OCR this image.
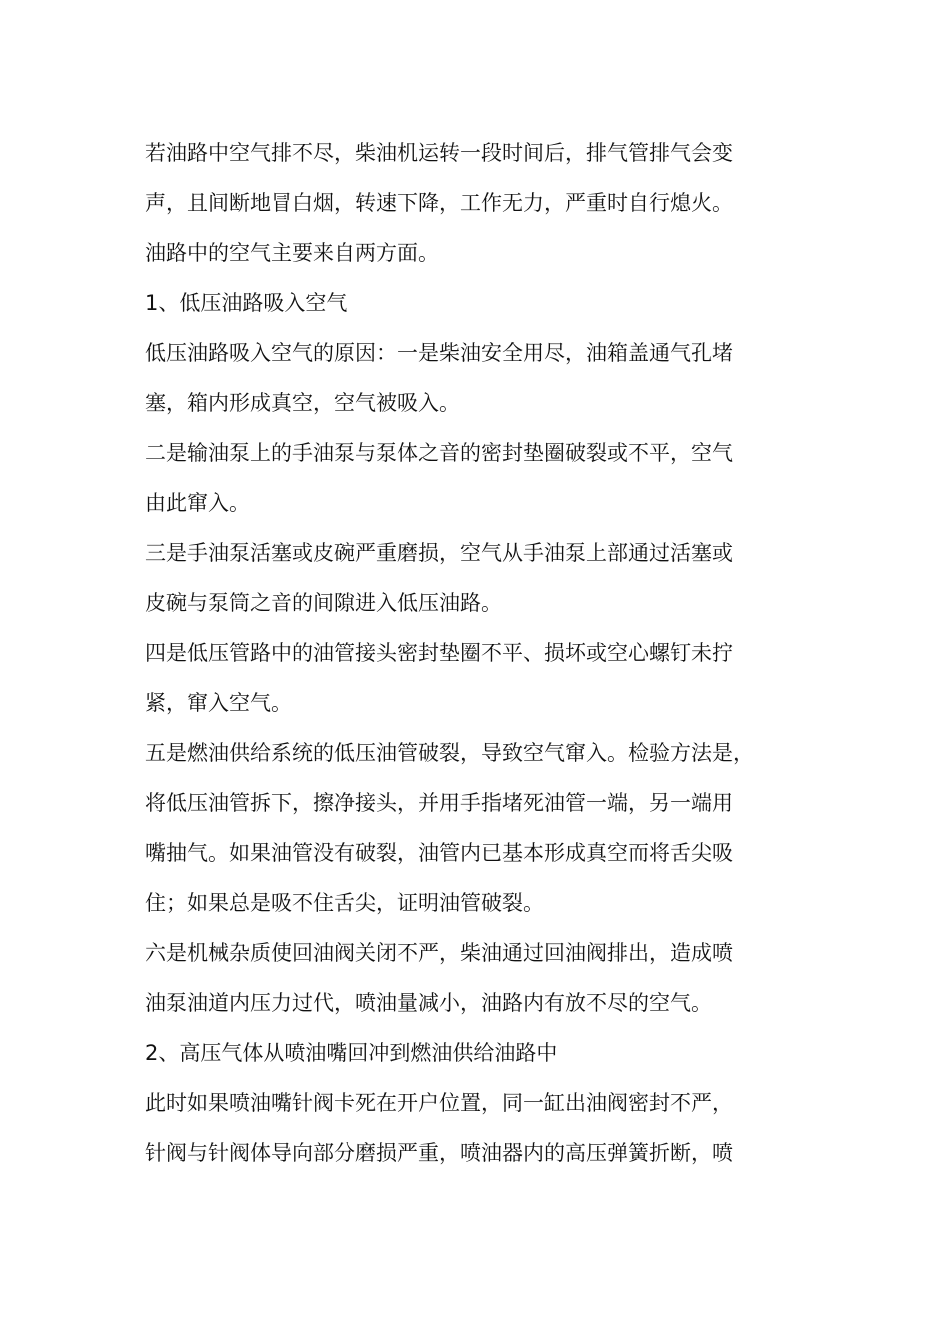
若油路中空气排不尽，柴油机运转一段时间后，排气管排气会变
声，且间断地冒白烟，转速下降，工作无力，严重时自行熄火。
油路中的空气主要来自两方面。
1、低压油路吸入空气
低压油路吸入空气的原因：一是柴油安全用尽，油箱盖通气孔堵
塞，箱内形成真空，空气被吸入。
二是输油泵上的手油泵与泵体之音的密封垫圈破裂或不平，空气
由此窜入。
三是手油泵活塞或皮碗严重磨损，空气从手油泵上部通过活塞或
皮碗与泵筒之音的间隙进入低压油路。
四是低压管路中的油管接头密封垫圈不平、损坏或空心螺钉未拧
紧，窜入空气。
五是燃油供给系统的低压油管破裂，导致空气窜入。检验方法是，
将低压油管拆下，擦净接头，并用手指堵死油管一端，另一端用
嘴抽气。如果油管没有破裂，油管内已基本形成真空而将舌尖吸
住；如果总是吸不住舌尖，证明油管破裂。
六是机械杂质使回油阀关闭不严，柴油通过回油阀排出，造成喷
油泵油道内压力过代，喷油量减小，油路内有放不尽的空气。
2、高压气体从喷油嘴回冲到燃油供给油路中
此时如果喷油嘴针阀卡死在开户位置，同一缸出油阀密封不严，
针阀与针阀体导向部分磨损严重，喷油器内的高压弹簧折断，喷
